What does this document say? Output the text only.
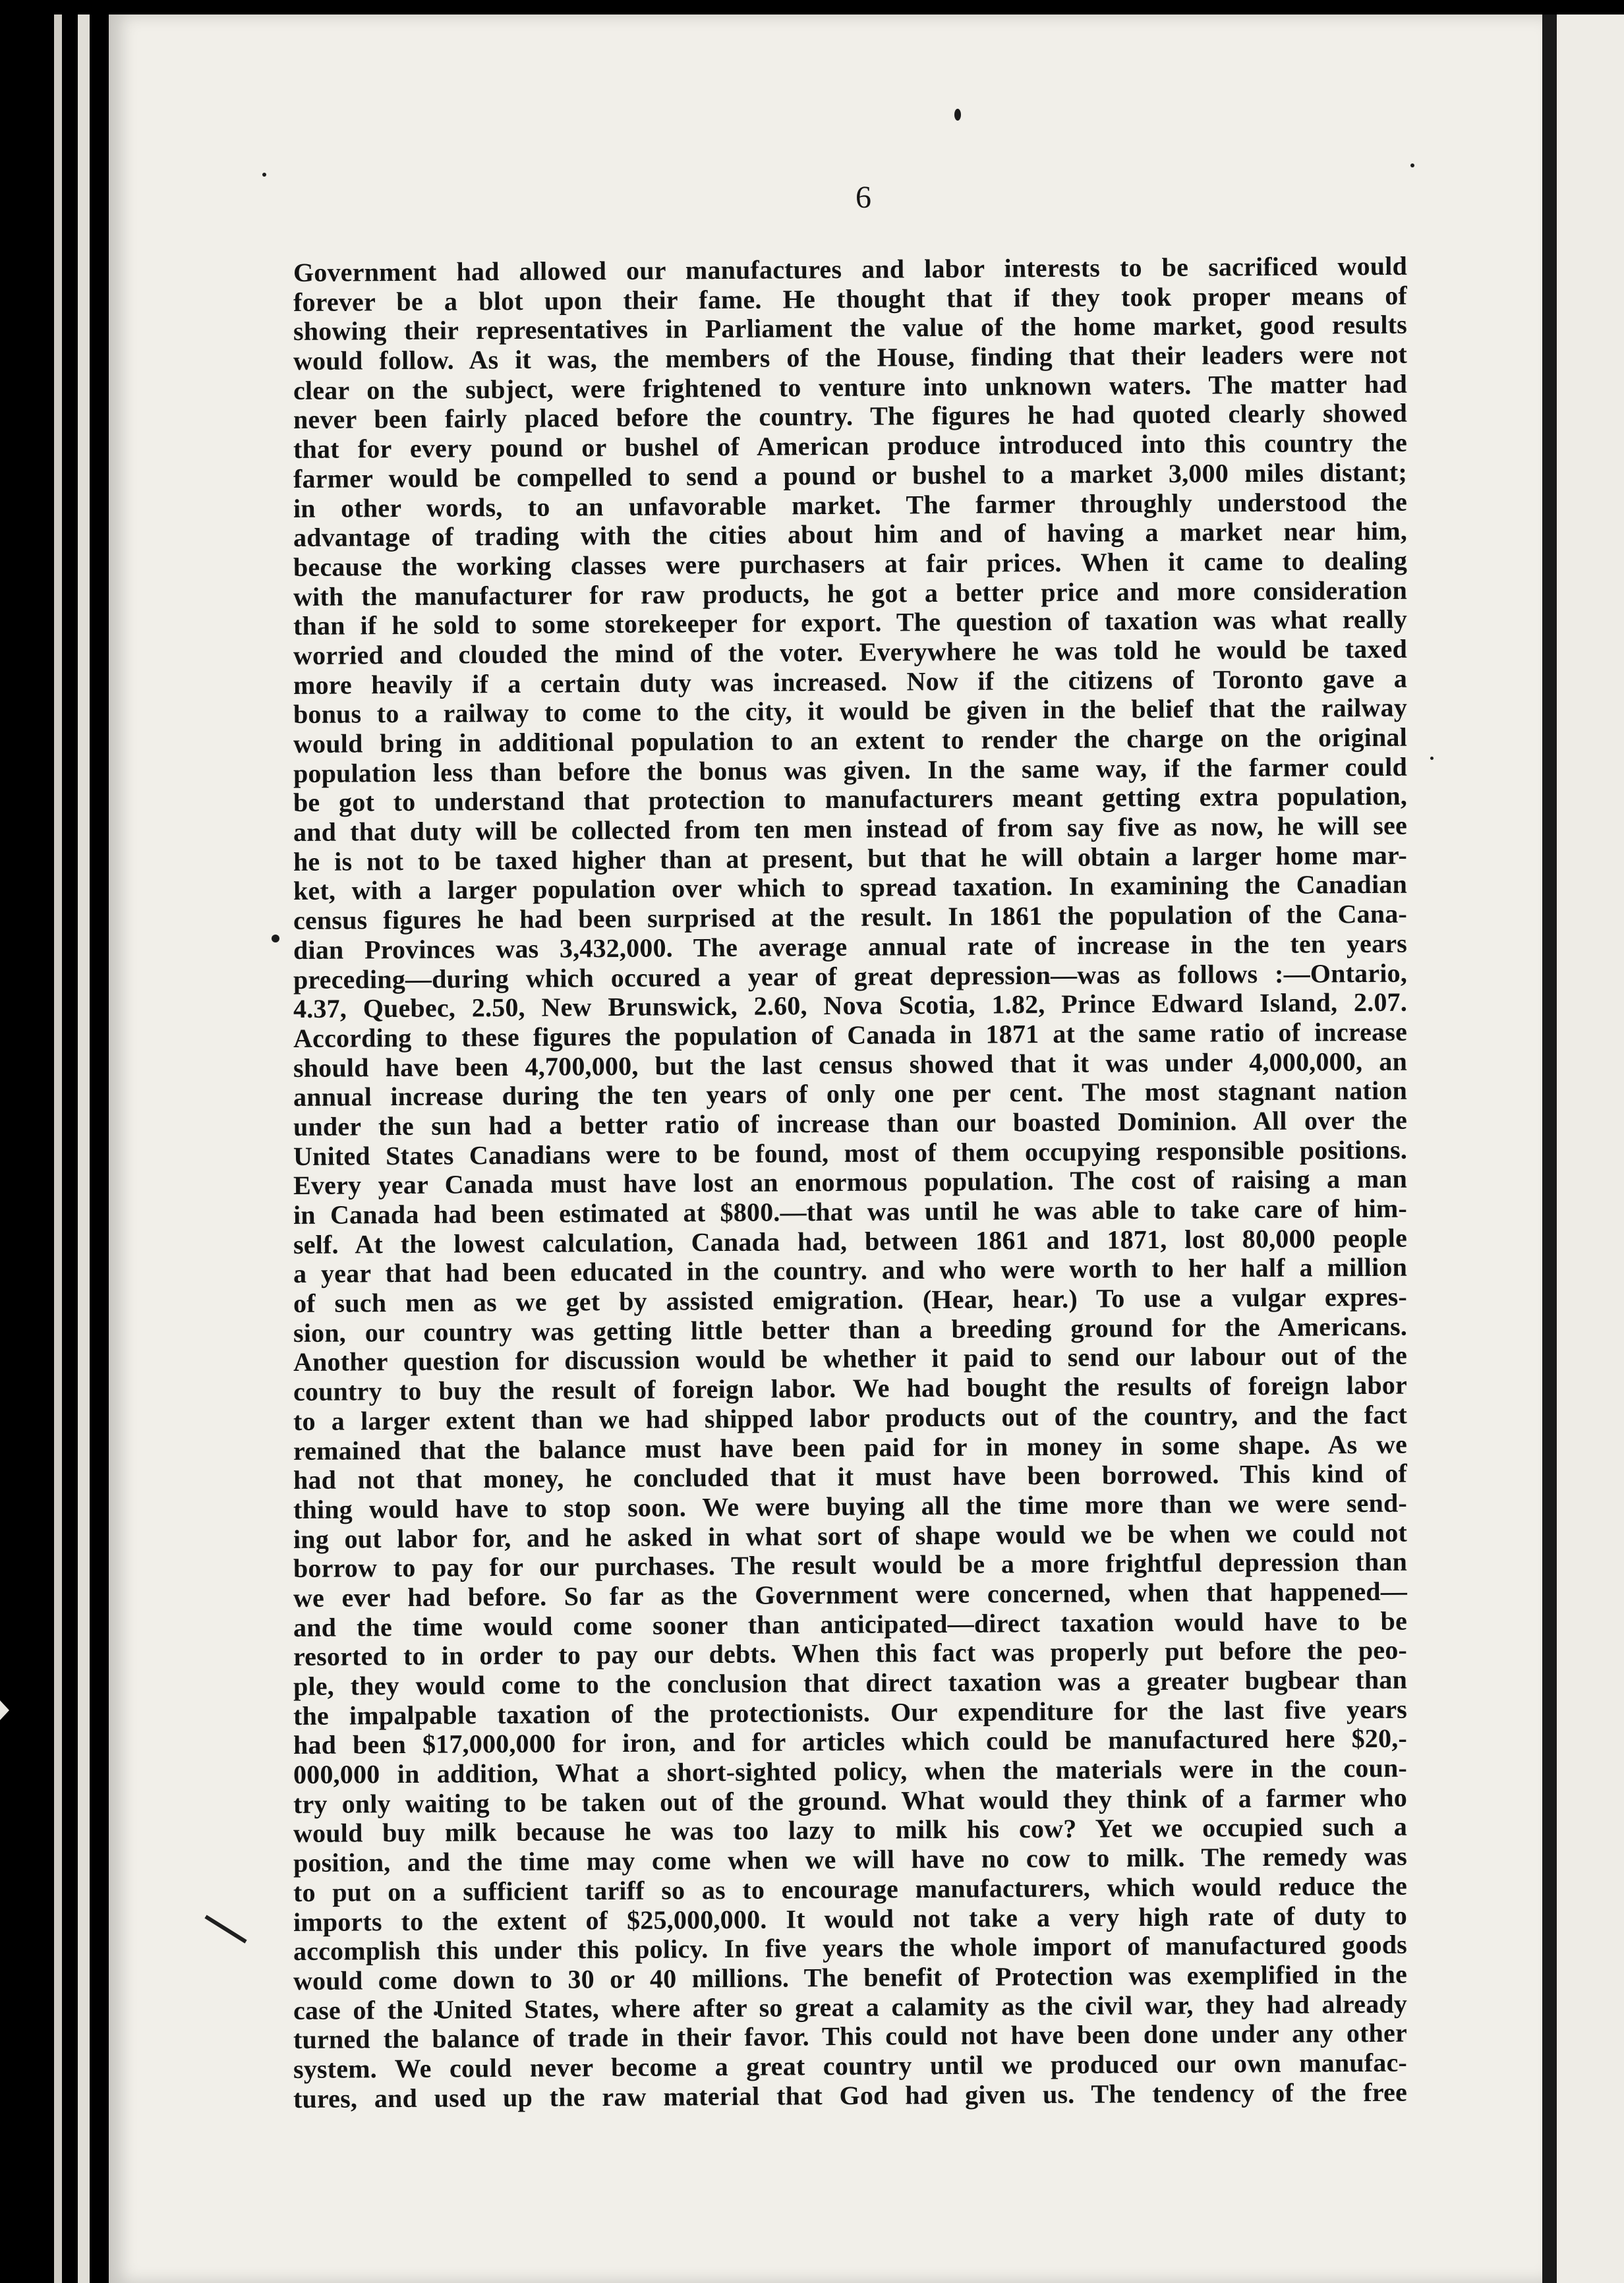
6
Government had allowed our manufactures and labor interests to be sacrificed would
forever be a blot upon their fame. He thought that if they took proper means of
showing their representatives in Parliament the value of the home market, good results
would follow. As it was, the members of the House, finding that their leaders were not
clear on the subject, were frightened to venture into unknown waters. The matter had
never been fairly placed before the country. The figures he had quoted clearly showed
that for every pound or bushel of American produce introduced into this country the
farmer would be compelled to send a pound or bushel to a market 3,000 miles distant;
in other words, to an unfavorable market. The farmer throughly understood the
advantage of trading with the cities about him and of having a market near him,
because the working classes were purchasers at fair prices. When it came to dealing
with the manufacturer for raw products, he got a better price and more consideration
than if he sold to some storekeeper for export. The question of taxation was what really
worried and clouded the mind of the voter. Everywhere he was told he would be taxed
more heavily if a certain duty was increased. Now if the citizens of Toronto gave a
bonus to a railway to come to the city, it would be given in the belief that the railway
would bring in additional population to an extent to render the charge on the original
population less than before the bonus was given. In the same way, if the farmer could
be got to understand that protection to manufacturers meant getting extra population,
and that duty will be collected from ten men instead of from say five as now, he will see
he is not to be taxed higher than at present, but that he will obtain a larger home mar-
ket, with a larger population over which to spread taxation. In examining the Canadian
census figures he had been surprised at the result. In 1861 the population of the Cana-
dian Provinces was 3,432,000. The average annual rate of increase in the ten years
preceding—during which occured a year of great depression—was as follows :—Ontario,
4.37, Quebec, 2.50, New Brunswick, 2.60, Nova Scotia, 1.82, Prince Edward Island, 2.07.
According to these figures the population of Canada in 1871 at the same ratio of increase
should have been 4,700,000, but the last census showed that it was under 4,000,000, an
annual increase during the ten years of only one per cent. The most stagnant nation
under the sun had a better ratio of increase than our boasted Dominion. All over the
United States Canadians were to be found, most of them occupying responsible positions.
Every year Canada must have lost an enormous population. The cost of raising a man
in Canada had been estimated at $800.—that was until he was able to take care of him-
self. At the lowest calculation, Canada had, between 1861 and 1871, lost 80,000 people
a year that had been educated in the country. and who were worth to her half a million
of such men as we get by assisted emigration. (Hear, hear.) To use a vulgar expres-
sion, our country was getting little better than a breeding ground for the Americans.
Another question for discussion would be whether it paid to send our labour out of the
country to buy the result of foreign labor. We had bought the results of foreign labor
to a larger extent than we had shipped labor products out of the country, and the fact
remained that the balance must have been paid for in money in some shape. As we
had not that money, he concluded that it must have been borrowed. This kind of
thing would have to stop soon. We were buying all the time more than we were send-
ing out labor for, and he asked in what sort of shape would we be when we could not
borrow to pay for our purchases. The result would be a more frightful depression than
we ever had before. So far as the Government were concerned, when that happened—
and the time would come sooner than anticipated—direct taxation would have to be
resorted to in order to pay our debts. When this fact was properly put before the peo-
ple, they would come to the conclusion that direct taxation was a greater bugbear than
the impalpable taxation of the protectionists. Our expenditure for the last five years
had been $17,000,000 for iron, and for articles which could be manufactured here $20,-
000,000 in addition, What a short-sighted policy, when the materials were in the coun-
try only waiting to be taken out of the ground. What would they think of a farmer who
would buy milk because he was too lazy to milk his cow? Yet we occupied such a
position, and the time may come when we will have no cow to milk. The remedy was
to put on a sufficient tariff so as to encourage manufacturers, which would reduce the
imports to the extent of $25,000,000. It would not take a very high rate of duty to
accomplish this under this policy. In five years the whole import of manufactured goods
would come down to 30 or 40 millions. The benefit of Protection was exemplified in the
case of the United States, where after so great a calamity as the civil war, they had already
turned the balance of trade in their favor. This could not have been done under any other
system. We could never become a great country until we produced our own manufac-
tures, and used up the raw material that God had given us. The tendency of the free
